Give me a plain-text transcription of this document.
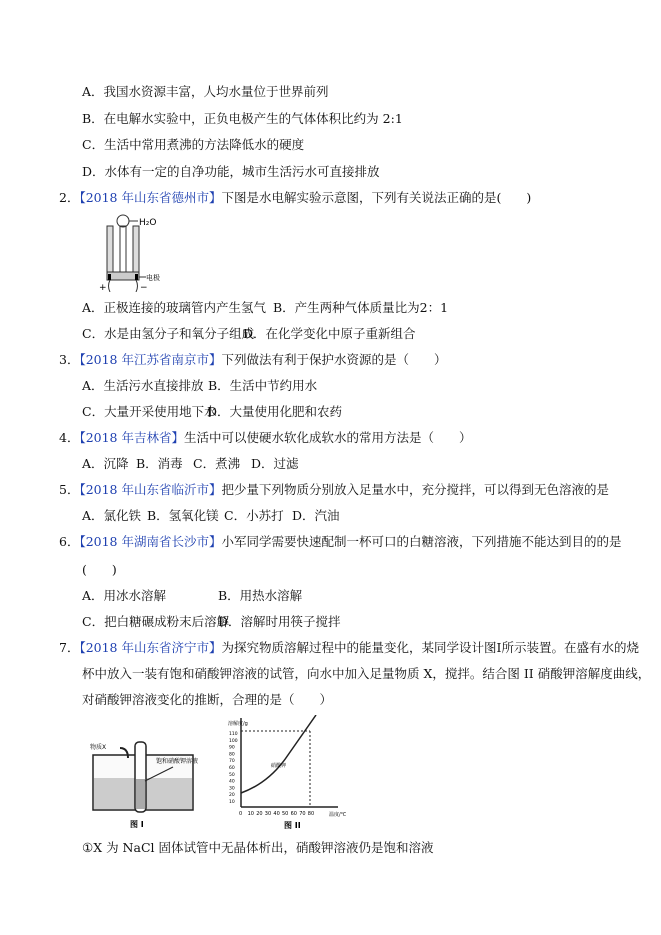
A．我国水资源丰富，人均水量位于世界前列
B．在电解水实验中，正负电极产生的气体体积比约为 2:1
C．生活中常用煮沸的方法降低水的硬度
D．水体有一定的自净功能，城市生活污水可直接排放
2．【2018 年山东省德州市】下图是水电解实验示意图，下列有关说法正确的是(　　)
H₂O
电极
+	−
A．正极连接的玻璃管内产生氢气 B．产生两种气体质量比为2：1
C．水是由氢分子和氧分子组成
D．在化学变化中原子重新组合
3．【2018 年江苏省南京市】下列做法有利于保护水资源的是（　　）
A．生活污水直接排放 B．生活中节约用水
C．大量开采使用地下水
D．大量使用化肥和农药
4．【2018 年吉林省】生活中可以使硬水软化成软水的常用方法是（　　）
A．沉降 B．消毒 C．煮沸 D．过滤
5．【2018 年山东省临沂市】把少量下列物质分别放入足量水中，充分搅拌，可以得到无色溶液的是
A．氯化铁 B．氢氧化镁 C．小苏打 D．汽油
6．【2018 年湖南省长沙市】小军同学需要快速配制一杯可口的白糖溶液，下列措施不能达到目的的是
(　　)
A．用冰水溶解	B．用热水溶解
C．把白糖碾成粉末后溶解
D．溶解时用筷子搅拌
7．【2018 年山东省济宁市】为探究物质溶解过程中的能量变化，某同学设计图I所示装置。在盛有水的烧
杯中放入一装有饱和硝酸钾溶液的试管，向水中加入足量物质 X，搅拌。结合图 II 硝酸钾溶解度曲线，
对硝酸钾溶液变化的推断，合理的是（　　）
物质X
饱和硝酸钾溶液
图 I
溶解度/g
温度/℃
硝酸钾
0 10 20 30 40 50 60 70 80
10
20
30
40
50
60
70
80
90
100
110
图 II
①X 为 NaCl 固体试管中无晶体析出，硝酸钾溶液仍是饱和溶液
